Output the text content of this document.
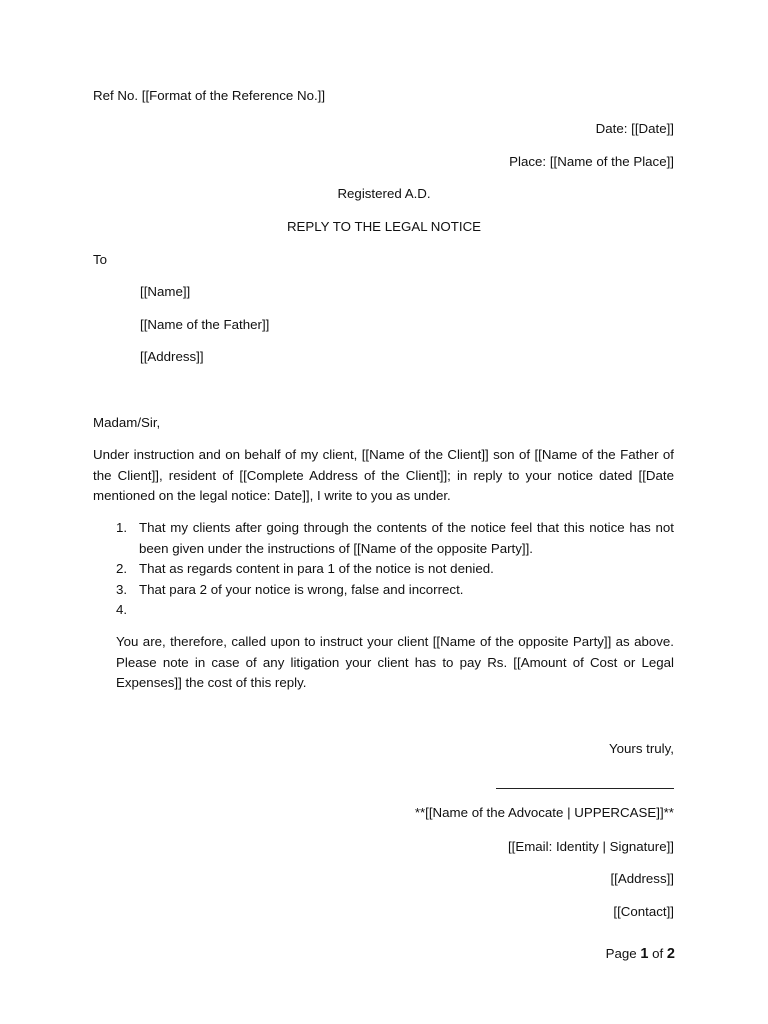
Ref No. [[Format of the Reference No.]]
Date: [[Date]]
Place: [[Name of the Place]]
Registered A.D.
REPLY TO THE LEGAL NOTICE
To
[[Name]]
[[Name of the Father]]
[[Address]]
Madam/Sir,
Under instruction and on behalf of my client, [[Name of the Client]] son of [[Name of the Father of the Client]], resident of [[Complete Address of the Client]]; in reply to your notice dated [[Date mentioned on the legal notice: Date]], I write to you as under.
1. That my clients after going through the contents of the notice feel that this notice has not been given under the instructions of [[Name of the opposite Party]].
2. That as regards content in para 1 of the notice is not denied.
3. That para 2 of your notice is wrong, false and incorrect.
4.
You are, therefore, called upon to instruct your client [[Name of the opposite Party]] as above. Please note in case of any litigation your client has to pay Rs. [[Amount of Cost or Legal Expenses]] the cost of this reply.
Yours truly,
**[[Name of the Advocate | UPPERCASE]]**
[[Email: Identity | Signature]]
[[Address]]
[[Contact]]
Page 1 of 2
